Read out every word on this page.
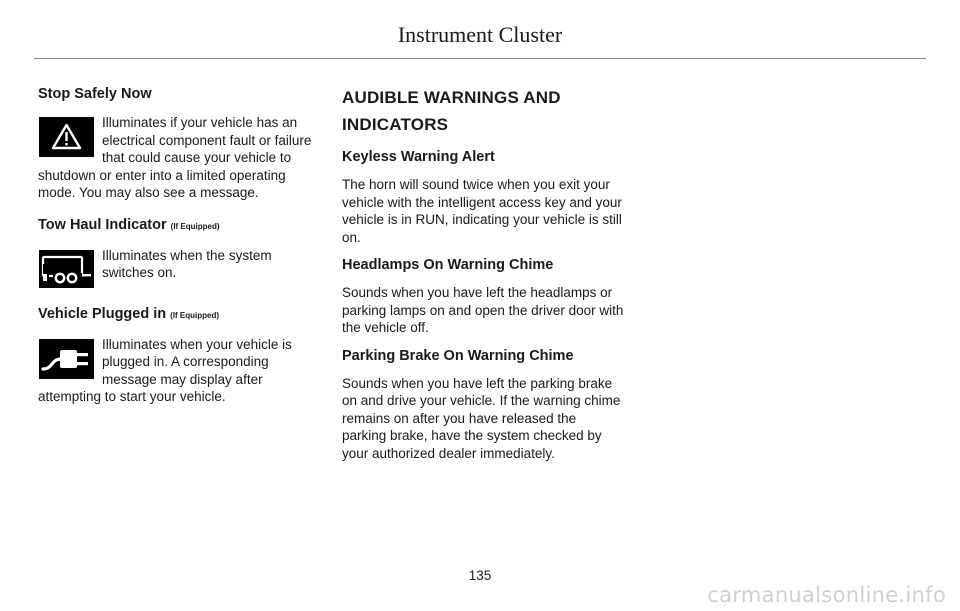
Instrument Cluster

Stop Safely Now

Illuminates if your vehicle has an electrical component fault or failure that could cause your vehicle to shutdown or enter into a limited operating mode. You may also see a message.

Tow Haul Indicator (If Equipped)

Illuminates when the system switches on.

Vehicle Plugged in (If Equipped)

Illuminates when your vehicle is plugged in. A corresponding message may display after attempting to start your vehicle.

AUDIBLE WARNINGS AND

INDICATORS

Keyless Warning Alert

The horn will sound twice when you exit your vehicle with the intelligent access key and your vehicle is in RUN, indicating your vehicle is still on.

Headlamps On Warning Chime

Sounds when you have left the headlamps or parking lamps on and open the driver door with the vehicle off.

Parking Brake On Warning Chime

Sounds when you have left the parking brake on and drive your vehicle. If the warning chime remains on after you have released the parking brake, have the system checked by your authorized dealer immediately.

135
carmanualsonline.info
